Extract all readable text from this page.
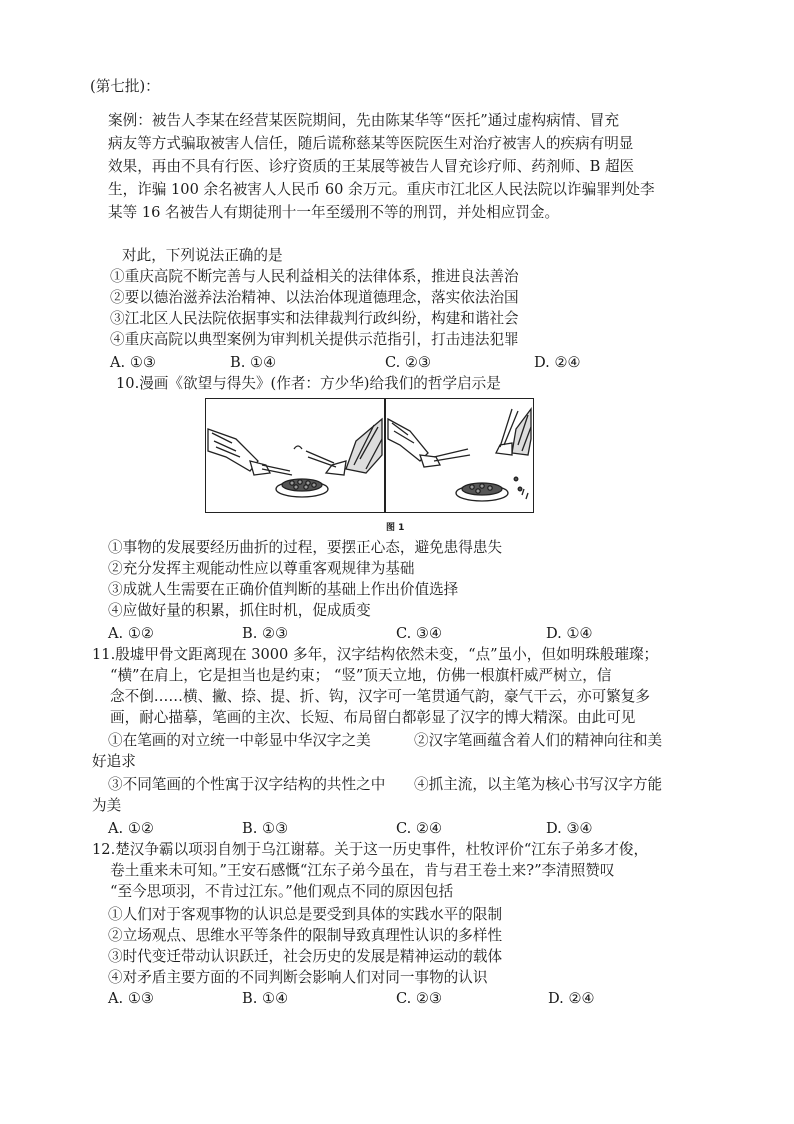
(第七批)：
案例：被告人李某在经营某医院期间，先由陈某华等“医托”通过虚构病情、冒充
病友等方式骗取被害人信任，随后谎称慈某等医院医生对治疗被害人的疾病有明显
效果，再由不具有行医、诊疗资质的王某展等被告人冒充诊疗师、药剂师、B 超医
生，诈骗 100 余名被害人人民币 60 余万元。重庆市江北区人民法院以诈骗罪判处李
某等 16 名被告人有期徒刑十一年至缓刑不等的刑罚，并处相应罚金。
对此，下列说法正确的是
①重庆高院不断完善与人民利益相关的法律体系，推进良法善治
②要以德治滋养法治精神、以法治体现道德理念，落实依法治国
③江北区人民法院依据事实和法律裁判行政纠纷，构建和谐社会
④重庆高院以典型案例为审判机关提供示范指引，打击违法犯罪
A. ①③	B. ①④	C. ②③	D. ②④
10.漫画《欲望与得失》(作者：方少华)给我们的哲学启示是
图 1
①事物的发展要经历曲折的过程，要摆正心态，避免患得患失
②充分发挥主观能动性应以尊重客观规律为基础
③成就人生需要在正确价值判断的基础上作出价值选择
④应做好量的积累，抓住时机，促成质变
A. ①②	B. ②③	C. ③④	D. ①④
11.殷墟甲骨文距离现在 3000 多年，汉字结构依然未变，“点”虽小，但如明珠般璀璨；
“横”在肩上，它是担当也是约束； “竖”顶天立地，仿佛一根旗杆威严树立，信
念不倒……横、撇、捺、提、折、钩，汉字可一笔贯通气韵，豪气干云，亦可繁复多
画，耐心描摹，笔画的主次、长短、布局留白都彰显了汉字的博大精深。由此可见
①在笔画的对立统一中彰显中华汉字之美	②汉字笔画蕴含着人们的精神向往和美
好追求
③不同笔画的个性寓于汉字结构的共性之中 ④抓主流，以主笔为核心书写汉字方能
为美
A. ①②	B. ①③	C. ②④	D. ③④
12.楚汉争霸以项羽自刎于乌江谢幕。关于这一历史事件，杜牧评价“江东子弟多才俊，
卷土重来未可知。”王安石感慨“江东子弟今虽在，肯与君王卷土来?”李清照赞叹
“至今思项羽，不肯过江东。”他们观点不同的原因包括
①人们对于客观事物的认识总是要受到具体的实践水平的限制
②立场观点、思维水平等条件的限制导致真理性认识的多样性
③时代变迁带动认识跃迁，社会历史的发展是精神运动的载体
④对矛盾主要方面的不同判断会影响人们对同一事物的认识
A. ①③	B. ①④	C. ②③	D. ②④
